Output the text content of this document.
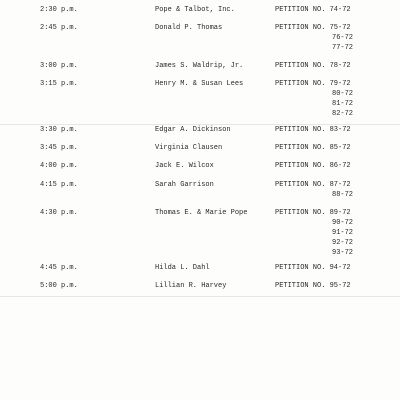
2:30 p.m.	Pope & Talbot, Inc.	PETITION NO. 74-72
2:45 p.m.	Donald P. Thomas	PETITION NO. 75-72
76-72
77-72
3:00 p.m.	James S. Waldrip, Jr.	PETITION NO. 78-72
3:15 p.m.	Henry M. & Susan Lees	PETITION NO. 79-72
80-72
81-72
82-72
3:30 p.m.	Edgar A. Dickinson	PETITION NO. 83-72
3:45 p.m.	Virginia Clausen	PETITION NO. 85-72
4:00 p.m.	Jack E. Wilcox	PETITION NO. 86-72
4:15 p.m.	Sarah Garrison	PETITION NO. 87-72
88-72
4:30 p.m.	Thomas E. & Marie Pope	PETITION NO. 89-72
90-72
91-72
92-72
93-72
4:45 p.m.	Hilda L. Dahl	PETITION NO. 94-72
5:00 p.m.	Lillian R. Harvey	PETITION NO. 95-72
